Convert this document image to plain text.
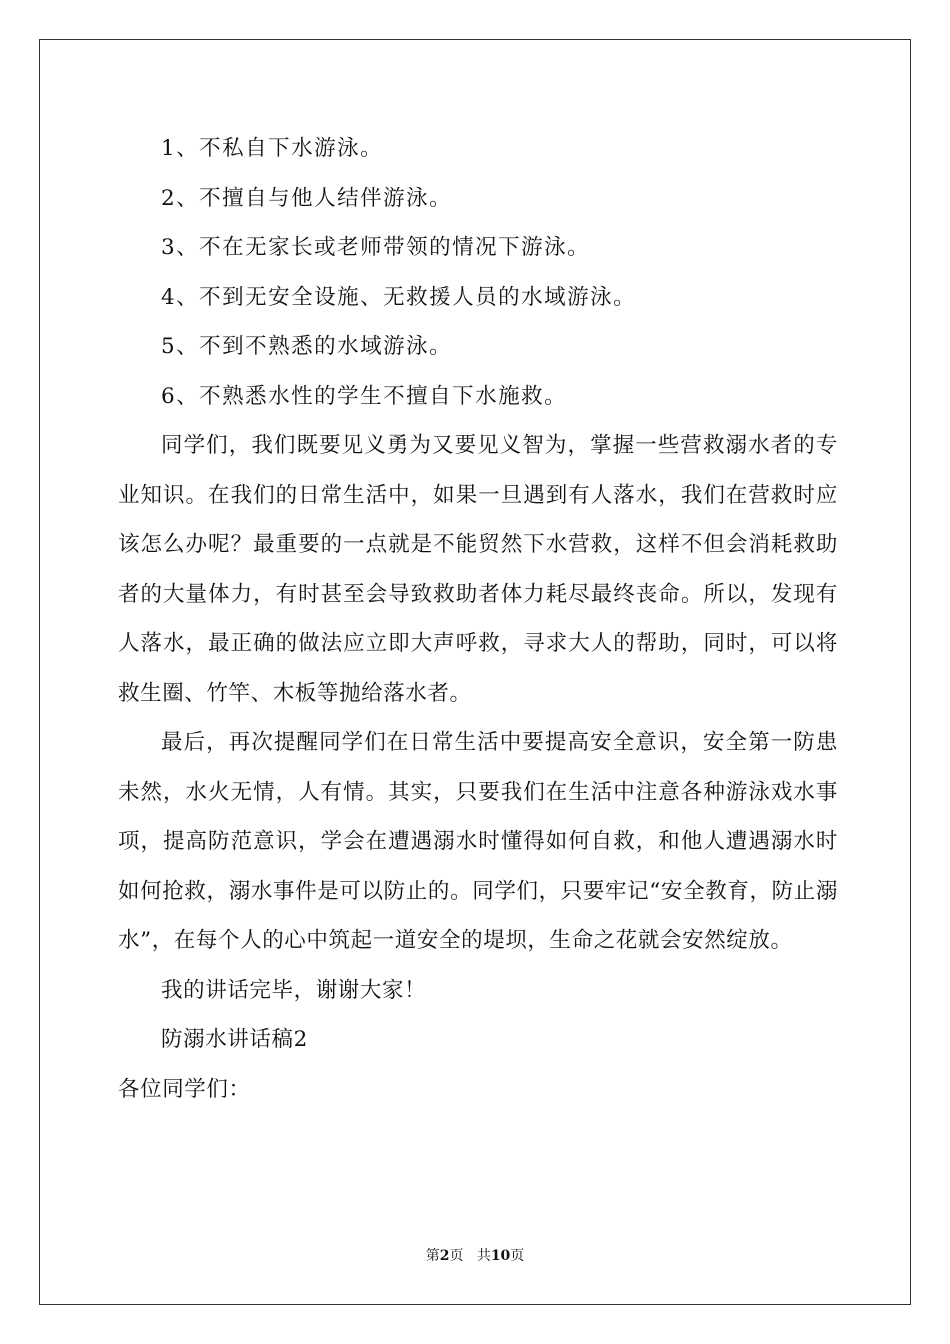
1、不私自下水游泳。

2、不擅自与他人结伴游泳。

3、不在无家长或老师带领的情况下游泳。

4、不到无安全设施、无救援人员的水域游泳。

5、不到不熟悉的水域游泳。

6、不熟悉水性的学生不擅自下水施救。

同学们，我们既要见义勇为又要见义智为，掌握一些营救溺水者的专业知识。在我们的日常生活中，如果一旦遇到有人落水，我们在营救时应该怎么办呢？最重要的一点就是不能贸然下水营救，这样不但会消耗救助者的大量体力，有时甚至会导致救助者体力耗尽最终丧命。所以，发现有人落水，最正确的做法应立即大声呼救，寻求大人的帮助，同时，可以将救生圈、竹竿、木板等抛给落水者。

最后，再次提醒同学们在日常生活中要提高安全意识，安全第一防患未然，水火无情，人有情。其实，只要我们在生活中注意各种游泳戏水事项，提高防范意识，学会在遭遇溺水时懂得如何自救，和他人遭遇溺水时如何抢救，溺水事件是可以防止的。同学们，只要牢记“安全教育，防止溺水”，在每个人的心中筑起一道安全的堤坝，生命之花就会安然绽放。

我的讲话完毕，谢谢大家！

防溺水讲话稿2

各位同学们：

第2页 共10页
